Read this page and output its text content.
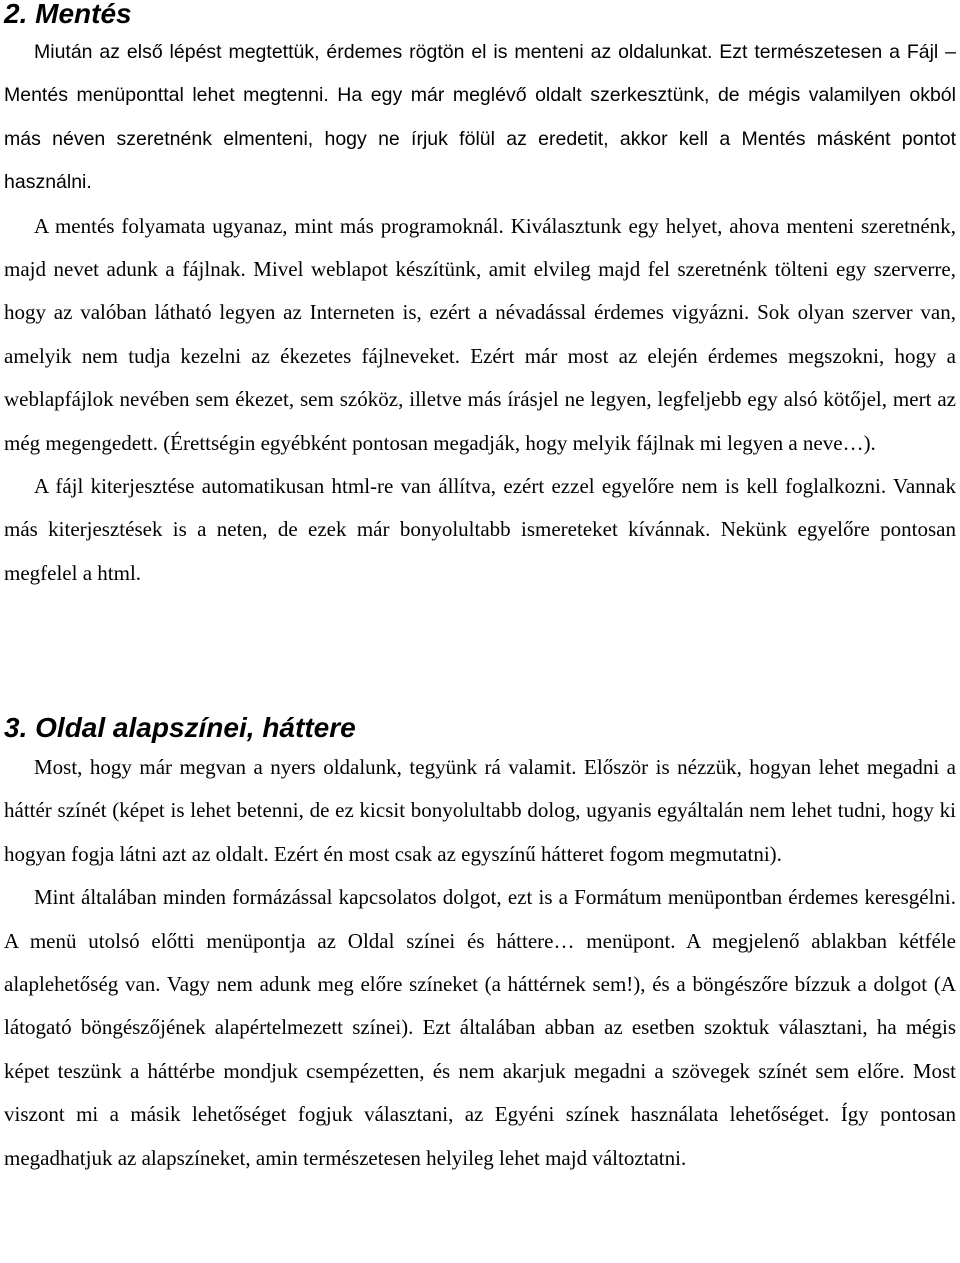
2. Mentés

Miután az első lépést megtettük, érdemes rögtön el is menteni az oldalunkat. Ezt természetesen a Fájl – Mentés menüponttal lehet megtenni. Ha egy már meglévő oldalt szerkesztünk, de mégis valamilyen okból más néven szeretnénk elmenteni, hogy ne írjuk fölül az eredetit, akkor kell a Mentés másként pontot használni.

A mentés folyamata ugyanaz, mint más programoknál. Kiválasztunk egy helyet, ahova menteni szeretnénk, majd nevet adunk a fájlnak. Mivel weblapot készítünk, amit elvileg majd fel szeretnénk tölteni egy szerverre, hogy az valóban látható legyen az Interneten is, ezért a névadással érdemes vigyázni. Sok olyan szerver van, amelyik nem tudja kezelni az ékezetes fájlneveket. Ezért már most az elején érdemes megszokni, hogy a weblapfájlok nevében sem ékezet, sem szóköz, illetve más írásjel ne legyen, legfeljebb egy alsó kötőjel, mert az még megengedett. (Érettségin egyébként pontosan megadják, hogy melyik fájlnak mi legyen a neve…).

A fájl kiterjesztése automatikusan html-re van állítva, ezért ezzel egyelőre nem is kell foglalkozni. Vannak más kiterjesztések is a neten, de ezek már bonyolultabb ismereteket kívánnak. Nekünk egyelőre pontosan megfelel a html.

3. Oldal alapszínei, háttere

Most, hogy már megvan a nyers oldalunk, tegyünk rá valamit. Először is nézzük, hogyan lehet megadni a háttér színét (képet is lehet betenni, de ez kicsit bonyolultabb dolog, ugyanis egyáltalán nem lehet tudni, hogy ki hogyan fogja látni azt az oldalt. Ezért én most csak az egyszínű hátteret fogom megmutatni).

Mint általában minden formázással kapcsolatos dolgot, ezt is a Formátum menüpontban érdemes keresgélni. A menü utolsó előtti menüpontja az Oldal színei és háttere… menüpont. A megjelenő ablakban kétféle alaplehetőség van. Vagy nem adunk meg előre színeket (a háttérnek sem!), és a böngészőre bízzuk a dolgot (A látogató böngészőjének alapértelmezett színei). Ezt általában abban az esetben szoktuk választani, ha mégis képet teszünk a háttérbe mondjuk csempézetten, és nem akarjuk megadni a szövegek színét sem előre. Most viszont mi a másik lehetőséget fogjuk választani, az Egyéni színek használata lehetőséget. Így pontosan megadhatjuk az alapszíneket, amin természetesen helyileg lehet majd változtatni.
